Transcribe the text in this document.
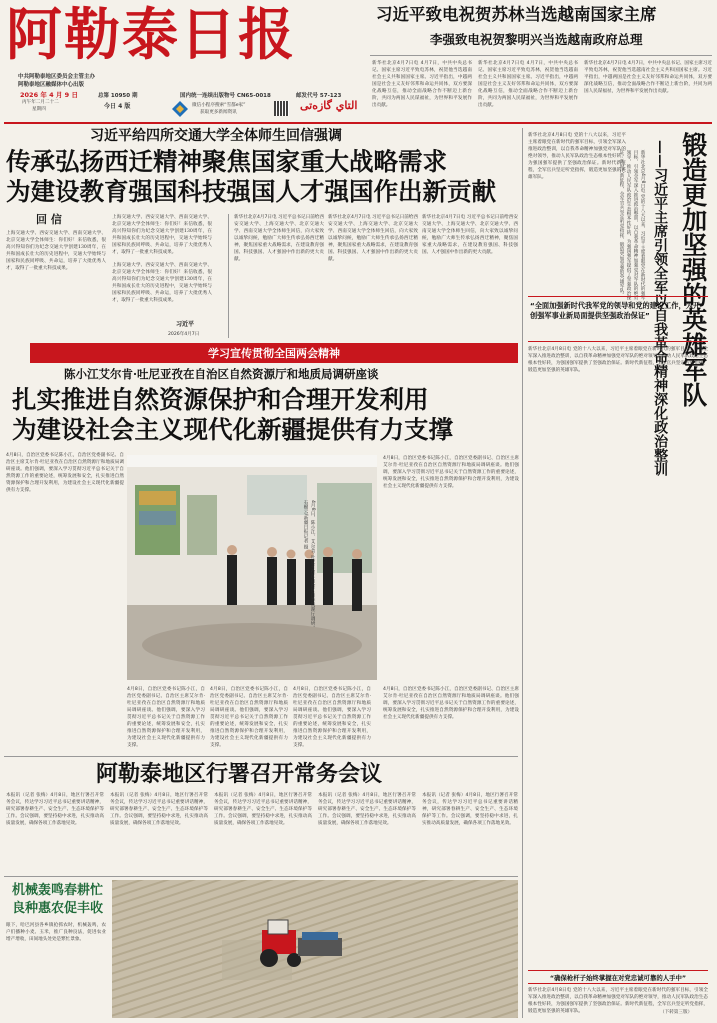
阿勒泰日报
中共阿勒泰地区委员会主管主办
阿勒泰地区融媒体中心出版
2026 年 4 月 9 日
丙午年二月二十二
星期四
总第 10950 期
今日 4 版
国内统一连续出版物号 CN65-0018	邮发代号 57-123
微信小程序搜索“雪都e家”
获取更多新闻资讯
التاي گازەتى
习近平致电祝贺苏林当选越南国家主席
李强致电祝贺黎明兴当选越南政府总理
新华社北京4月7日电 4月7日，中共中央总书记、国家主席习近平致电苏林，祝贺他当选越南社会主义共和国国家主席。习近平指出，中越两国是社会主义友好邻邦和命运共同体，双方要深化战略互信，推动全面战略合作不断迈上新台阶，共同为两国人民谋福祉，为世界和平发展作出贡献。
新华社北京4月7日电 4月7日，中共中央总书记、国家主席习近平致电苏林，祝贺他当选越南社会主义共和国国家主席。习近平指出，中越两国是社会主义友好邻邦和命运共同体，双方要深化战略互信，推动全面战略合作不断迈上新台阶，共同为两国人民谋福祉，为世界和平发展作出贡献。
新华社北京4月7日电 4月7日，中共中央总书记、国家主席习近平致电苏林，祝贺他当选越南社会主义共和国国家主席。习近平指出，中越两国是社会主义友好邻邦和命运共同体，双方要深化战略互信，推动全面战略合作不断迈上新台阶，共同为两国人民谋福祉，为世界和平发展作出贡献。
习近平给四所交通大学全体师生回信强调
传承弘扬西迁精神聚焦国家重大战略需求
为建设教育强国科技强国人才强国作出新贡献
回 信
上海交通大学、西安交通大学、西南交通大学、北京交通大学全体师生：你们好！来信收悉，很高兴得知你们为纪念交通大学创建130周年，在共和国成长壮大的历史进程中，交通大学始终与国家和民族同呼吸、共命运，培养了大批优秀人才，取得了一批重大科技成果。
上海交通大学、西安交通大学、西南交通大学、北京交通大学全体师生：你们好！来信收悉，很高兴得知你们为纪念交通大学创建130周年，在共和国成长壮大的历史进程中，交通大学始终与国家和民族同呼吸、共命运，培养了大批优秀人才，取得了一批重大科技成果。
上海交通大学、西安交通大学、西南交通大学、北京交通大学全体师生：你们好！来信收悉，很高兴得知你们为纪念交通大学创建130周年，在共和国成长壮大的历史进程中，交通大学始终与国家和民族同呼吸、共命运，培养了大批优秀人才，取得了一批重大科技成果。
习近平
2026年4月7日
新华社北京4月7日电 习近平总书记日前给西安交通大学、上海交通大学、北京交通大学、西南交通大学全体师生回信，向大家致以诚挚问候，勉励广大师生传承弘扬西迁精神，聚焦国家重大战略需求，在建设教育强国、科技强国、人才强国中作出新的更大贡献。
新华社北京4月7日电 习近平总书记日前给西安交通大学、上海交通大学、北京交通大学、西南交通大学全体师生回信，向大家致以诚挚问候，勉励广大师生传承弘扬西迁精神，聚焦国家重大战略需求，在建设教育强国、科技强国、人才强国中作出新的更大贡献。
新华社北京4月7日电 习近平总书记日前给西安交通大学、上海交通大学、北京交通大学、西南交通大学全体师生回信，向大家致以诚挚问候，勉励广大师生传承弘扬西迁精神，聚焦国家重大战略需求，在建设教育强国、科技强国、人才强国中作出新的更大贡献。
学习宣传贯彻全国两会精神
陈小江艾尔肯·吐尼亚孜在自治区自然资源厅和地质局调研座谈
扎实推进自然资源保护和合理开发利用
为建设社会主义现代化新疆提供有力支撑
4月8日，自治区党委书记陈小江，自治区党委副书记、自治区主席艾尔肯·吐尼亚孜在自治区自然资源厅和地质局调研座谈。他们强调，要深入学习贯彻习近平总书记关于自然资源工作的重要论述，统筹发展和安全，扎实推进自然资源保护和合理开发利用，为建设社会主义现代化新疆提供有力支撑。
4月8日，陈小江、艾尔肯·吐尼亚孜在自治区自然资源厅调研。石榴云/新疆日报记者 摄
4月8日，自治区党委书记陈小江，自治区党委副书记、自治区主席艾尔肯·吐尼亚孜在自治区自然资源厅和地质局调研座谈。他们强调，要深入学习贯彻习近平总书记关于自然资源工作的重要论述，统筹发展和安全，扎实推进自然资源保护和合理开发利用，为建设社会主义现代化新疆提供有力支撑。
4月8日，自治区党委书记陈小江，自治区党委副书记、自治区主席艾尔肯·吐尼亚孜在自治区自然资源厅和地质局调研座谈。他们强调，要深入学习贯彻习近平总书记关于自然资源工作的重要论述，统筹发展和安全，扎实推进自然资源保护和合理开发利用，为建设社会主义现代化新疆提供有力支撑。
4月8日，自治区党委书记陈小江，自治区党委副书记、自治区主席艾尔肯·吐尼亚孜在自治区自然资源厅和地质局调研座谈。他们强调，要深入学习贯彻习近平总书记关于自然资源工作的重要论述，统筹发展和安全，扎实推进自然资源保护和合理开发利用，为建设社会主义现代化新疆提供有力支撑。
4月8日，自治区党委书记陈小江，自治区党委副书记、自治区主席艾尔肯·吐尼亚孜在自治区自然资源厅和地质局调研座谈。他们强调，要深入学习贯彻习近平总书记关于自然资源工作的重要论述，统筹发展和安全，扎实推进自然资源保护和合理开发利用，为建设社会主义现代化新疆提供有力支撑。
4月8日，自治区党委书记陈小江，自治区党委副书记、自治区主席艾尔肯·吐尼亚孜在自治区自然资源厅和地质局调研座谈。他们强调，要深入学习贯彻习近平总书记关于自然资源工作的重要论述，统筹发展和安全，扎实推进自然资源保护和合理开发利用，为建设社会主义现代化新疆提供有力支撑。
锻造更加坚强的英雄军队
——习近平主席引领全军以自我革命精神深化政治整训
新华社北京4月8日电 党的十八大以来，习近平主席着眼党在新时代的强军目标，引领全军深入推进政治整训，以自我革命精神加强党对军队的绝对领导，推动人民军队政治生态根本性好转，为强国强军提供了坚强政治保证。新时代新征程，全军官兵坚定听党指挥，锻造更加坚强的英雄军队。
新华社北京4月8日电 党的十八大以来，习近平主席着眼党在新时代的强军目标，引领全军深入推进政治整训，以自我革命精神加强党对军队的绝对领导，推动人民军队政治生态根本性好转，为强国强军提供了坚强政治保证。新时代新征程，全军官兵坚定听党指挥，锻造更加坚强的英雄军队。
“全面加强新时代我军党的领导和党的建设工作，为开创强军事业新局面提供坚强政治保证”
新华社北京4月8日电 党的十八大以来，习近平主席着眼党在新时代的强军目标，引领全军深入推进政治整训，以自我革命精神加强党对军队的绝对领导，推动人民军队政治生态根本性好转，为强国强军提供了坚强政治保证。新时代新征程，全军官兵坚定听党指挥，锻造更加坚强的英雄军队。
“确保枪杆子始终掌握在对党忠诚可靠的人手中”
新华社北京4月8日电 党的十八大以来，习近平主席着眼党在新时代的强军目标，引领全军深入推进政治整训，以自我革命精神加强党对军队的绝对领导，推动人民军队政治生态根本性好转，为强国强军提供了坚强政治保证。新时代新征程，全军官兵坚定听党指挥，锻造更加坚强的英雄军队。	（下转第三版）
阿勒泰地区行署召开常务会议
本报讯（记者 张梅）4月8日，地区行署召开常务会议，传达学习习近平总书记重要讲话精神，研究部署春耕生产、安全生产、生态环境保护等工作。会议强调，要坚持稳中求进，扎实推动高质量发展，确保各项工作落地见效。
本报讯（记者 张梅）4月8日，地区行署召开常务会议，传达学习习近平总书记重要讲话精神，研究部署春耕生产、安全生产、生态环境保护等工作。会议强调，要坚持稳中求进，扎实推动高质量发展，确保各项工作落地见效。
本报讯（记者 张梅）4月8日，地区行署召开常务会议，传达学习习近平总书记重要讲话精神，研究部署春耕生产、安全生产、生态环境保护等工作。会议强调，要坚持稳中求进，扎实推动高质量发展，确保各项工作落地见效。
本报讯（记者 张梅）4月8日，地区行署召开常务会议，传达学习习近平总书记重要讲话精神，研究部署春耕生产、安全生产、生态环境保护等工作。会议强调，要坚持稳中求进，扎实推动高质量发展，确保各项工作落地见效。
本报讯（记者 张梅）4月8日，地区行署召开常务会议，传达学习习近平总书记重要讲话精神，研究部署春耕生产、安全生产、生态环境保护等工作。会议强调，要坚持稳中求进，扎实推动高质量发展，确保各项工作落地见效。
机械轰鸣春耕忙
良种惠农促丰收
眼下，哈巴河县各乡镇抢抓农时，机械轰鸣，农户们播种小麦、玉米，推广良种良法，促进农业增产增收，田间地头处处是繁忙景象。
